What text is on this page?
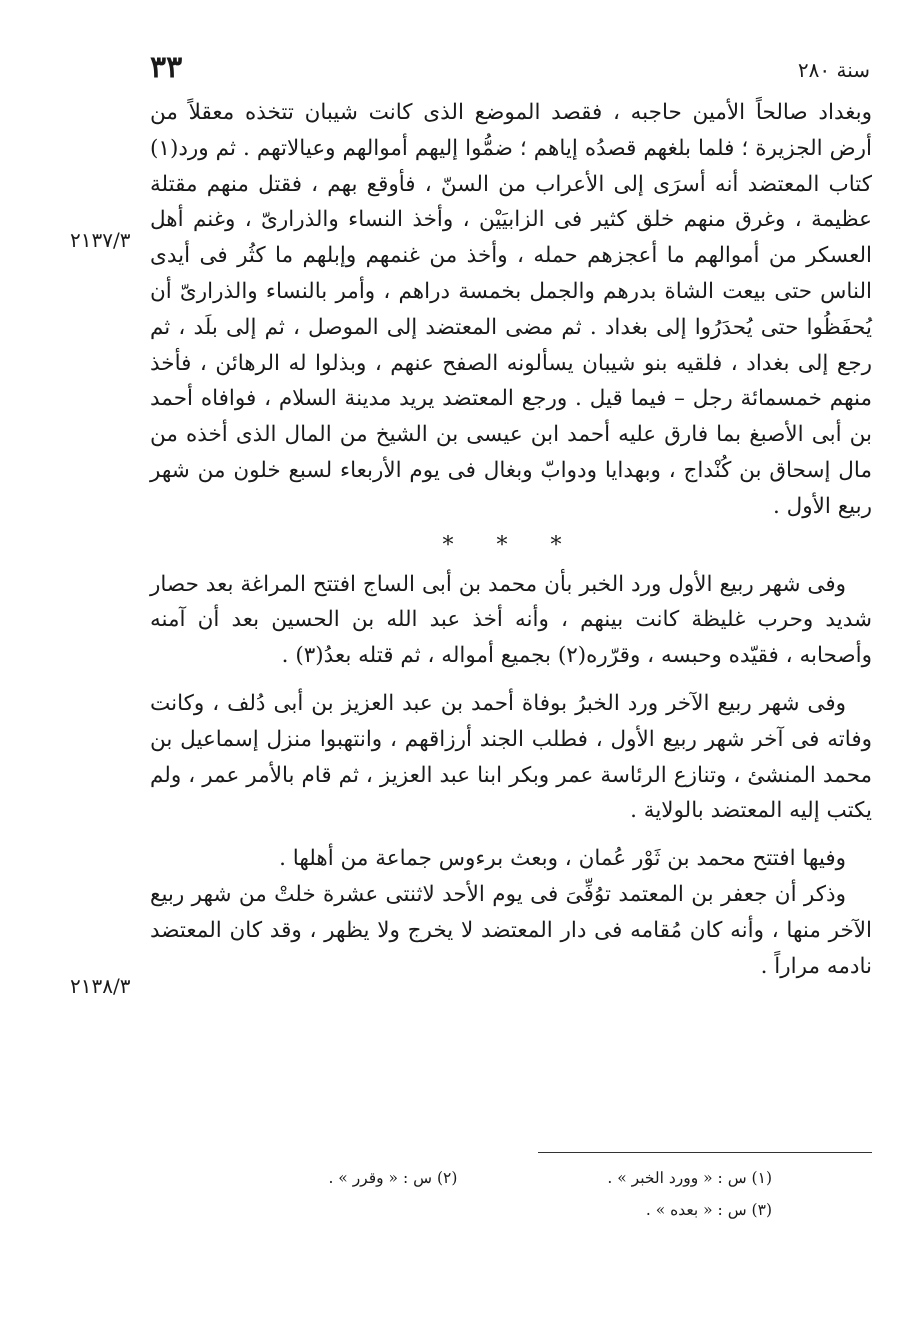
سنة ٢٨٠
٣٣
٢١٣٧/٣
٢١٣٨/٣

وبغداد صالحاً الأمين حاجبه ، فقصد الموضع الذى كانت شيبان تتخذه معقلاً من أرض الجزيرة ؛ فلما بلغهم قصدُه إياهم ؛ ضمُّوا إليهم أموالهم وعيالاتهم . ثم ورد(١) كتاب المعتضد أنه أسرَى إلى الأعراب من السنّ ، فأوقع بهم ، فقتل منهم مقتلة عظيمة ، وغرق منهم خلق كثير فى الزابيَيْن ، وأخذ النساء والذرارىّ ، وغنم أهل العسكر من أموالهم ما أعجزهم حمله ، وأخذ من غنمهم وإبلهم ما كثُر فى أيدى الناس حتى بيعت الشاة بدرهم والجمل بخمسة دراهم ، وأمر بالنساء والذرارىّ أن يُحفَظُوا حتى يُحدَرُوا إلى بغداد . ثم مضى المعتضد إلى الموصل ، ثم إلى بلَد ، ثم رجع إلى بغداد ، فلقيه بنو شيبان يسألونه الصفح عنهم ، وبذلوا له الرهائن ، فأخذ منهم خمسمائة رجل – فيما قيل . ورجع المعتضد يريد مدينة السلام ، فوافاه أحمد بن أبى الأصبغ بما فارق عليه أحمد ابن عيسى بن الشيخ من المال الذى أخذه من مال إسحاق بن كُنْداج ، وبهدايا ودوابّ وبغال فى يوم الأربعاء لسبع خلون من شهر ربيع الأول .

* * *

وفى شهر ربيع الأول ورد الخبر بأن محمد بن أبى الساج افتتح المراغة بعد حصار شديد وحرب غليظة كانت بينهم ، وأنه أخذ عبد الله بن الحسين بعد أن آمنه وأصحابه ، فقيّده وحبسه ، وقرّره(٢) بجميع أمواله ، ثم قتله بعدُ(٣) .

وفى شهر ربيع الآخر ورد الخبرُ بوفاة أحمد بن عبد العزيز بن أبى دُلف ، وكانت وفاته فى آخر شهر ربيع الأول ، فطلب الجند أرزاقهم ، وانتهبوا منزل إسماعيل بن محمد المنشئ ، وتنازع الرئاسة عمر وبكر ابنا عبد العزيز ، ثم قام بالأمر عمر ، ولم يكتب إليه المعتضد بالولاية .

وفيها افتتح محمد بن ثَوْر عُمان ، وبعث برءوس جماعة من أهلها .

وذكر أن جعفر بن المعتمد توُفِّىَ فى يوم الأحد لاثنتى عشرة خلتْ من شهر ربيع الآخر منها ، وأنه كان مُقامه فى دار المعتضد لا يخرج ولا يظهر ، وقد كان المعتضد نادمه مراراً .

(١) س : « وورد الخبر » .
(٢) س : « وقرر » .
(٣) س : « بعده » .
